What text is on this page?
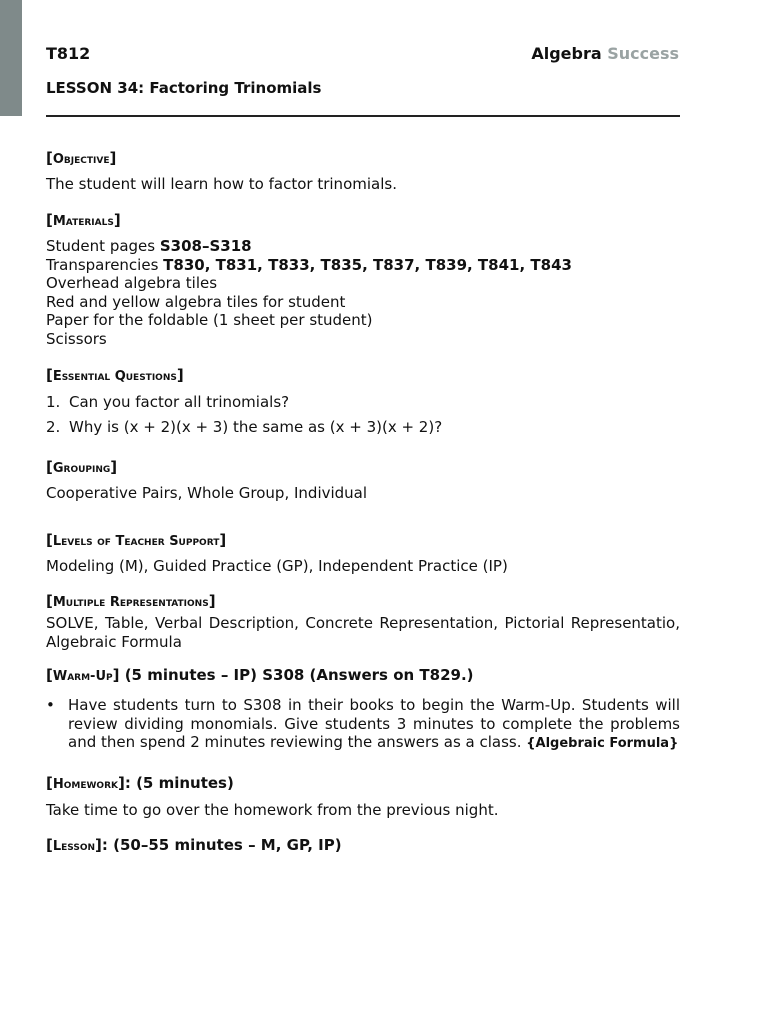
T812	Algebra Success
LESSON 34: Factoring Trinomials
[Objective]
The student will learn how to factor trinomials.
[Materials]
Student pages S308–S318
Transparencies T830, T831, T833, T835, T837, T839, T841, T843
Overhead algebra tiles
Red and yellow algebra tiles for student
Paper for the foldable (1 sheet per student)
Scissors
[Essential Questions]
1. Can you factor all trinomials?
2. Why is (x + 2)(x + 3) the same as (x + 3)(x + 2)?
[Grouping]
Cooperative Pairs, Whole Group, Individual
[Levels of Teacher Support]
Modeling (M), Guided Practice (GP), Independent Practice (IP)
[Multiple Representations]
SOLVE, Table, Verbal Description, Concrete Representation, Pictorial Representatio, Algebraic Formula
[Warm-Up] (5 minutes – IP) S308 (Answers on T829.)
• Have students turn to S308 in their books to begin the Warm-Up. Students will review dividing monomials. Give students 3 minutes to complete the problems and then spend 2 minutes reviewing the answers as a class. {Algebraic Formula}
[Homework]: (5 minutes)
Take time to go over the homework from the previous night.
[Lesson]: (50–55 minutes – M, GP, IP)
